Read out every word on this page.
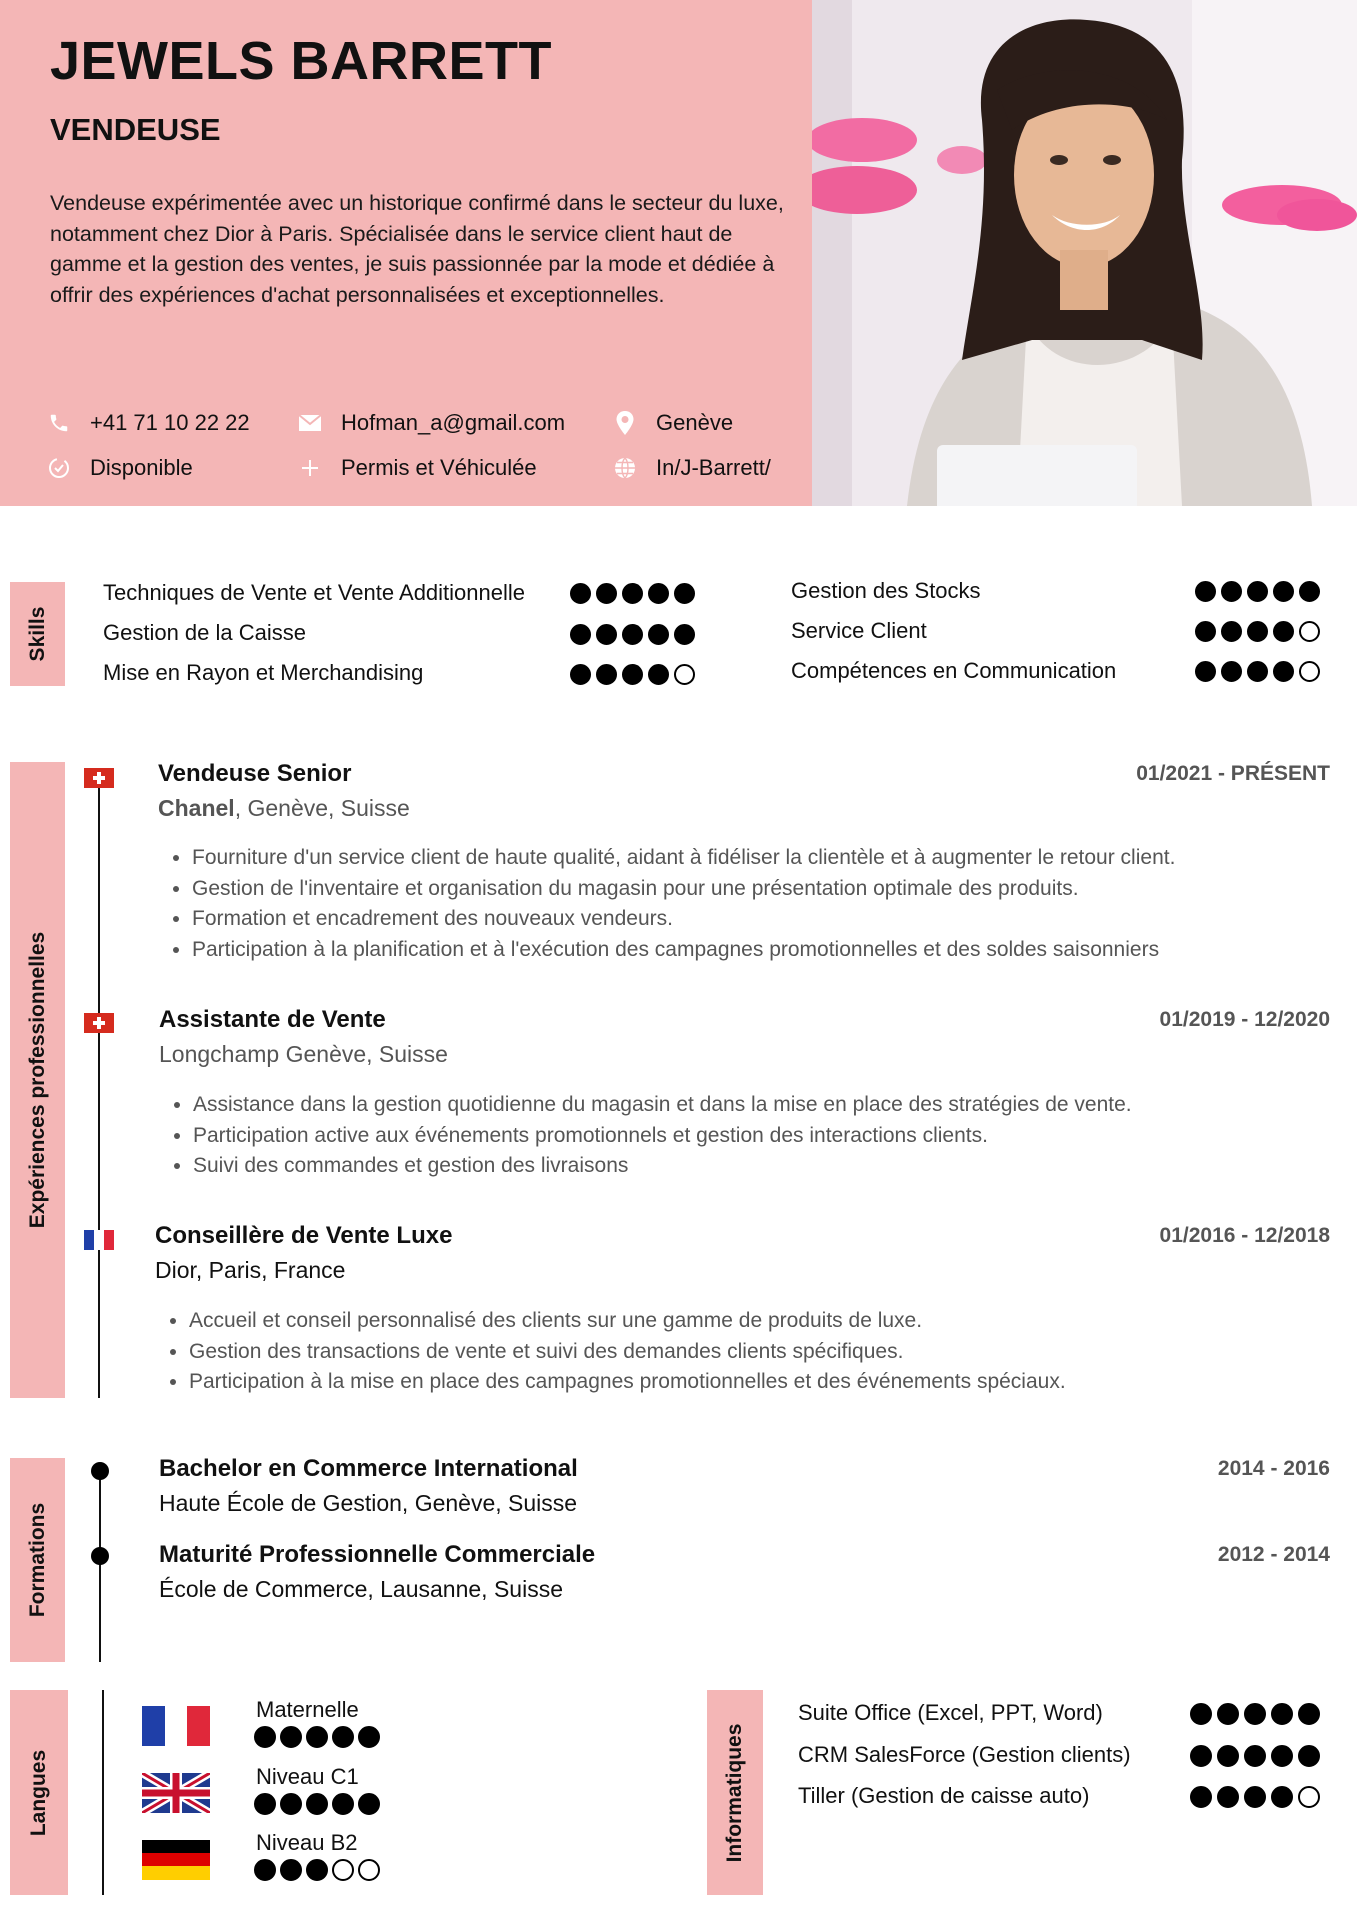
JEWELS BARRETT
VENDEUSE
Vendeuse expérimentée avec un historique confirmé dans le secteur du luxe, notamment chez Dior à Paris. Spécialisée dans le service client haut de gamme et la gestion des ventes, je suis passionnée par la mode et dédiée à offrir des expériences d'achat personnalisées et exceptionnelles.
+41 71 10 22 22	Hofman_a@gmail.com	Genève
Disponible	Permis et Véhiculée	In/J-Barrett/
Skills
Techniques de Vente et Vente Additionnelle
Gestion de la Caisse
Mise en Rayon et Merchandising
Gestion des Stocks
Service Client
Compétences en Communication
Expériences professionnelles
Vendeuse Senior	01/2021 - PRÉSENT
Chanel, Genève, Suisse
• Fourniture d'un service client de haute qualité, aidant à fidéliser la clientèle et à augmenter le retour client.
• Gestion de l'inventaire et organisation du magasin pour une présentation optimale des produits.
• Formation et encadrement des nouveaux vendeurs.
• Participation à la planification et à l'exécution des campagnes promotionnelles et des soldes saisonniers
Assistante de Vente	01/2019 - 12/2020
Longchamp Genève, Suisse
• Assistance dans la gestion quotidienne du magasin et dans la mise en place des stratégies de vente.
• Participation active aux événements promotionnels et gestion des interactions clients.
• Suivi des commandes et gestion des livraisons
Conseillère de Vente Luxe	01/2016 - 12/2018
Dior, Paris, France
• Accueil et conseil personnalisé des clients sur une gamme de produits de luxe.
• Gestion des transactions de vente et suivi des demandes clients spécifiques.
• Participation à la mise en place des campagnes promotionnelles et des événements spéciaux.
Formations
Bachelor en Commerce International
Haute École de Gestion, Genève, Suisse
2014 - 2016
Maturité Professionnelle Commerciale
École de Commerce, Lausanne, Suisse
2012 - 2014
Langues
Maternelle
Niveau C1
Niveau B2	Informatiques
Suite Office (Excel, PPT, Word)
CRM SalesForce (Gestion clients)
Tiller (Gestion de caisse auto)
